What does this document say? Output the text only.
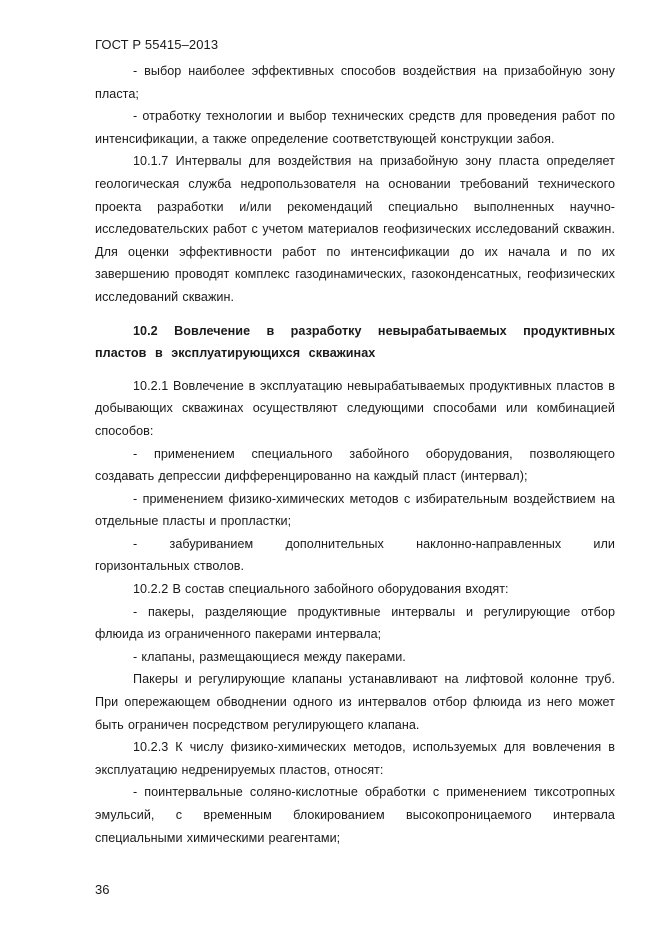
ГОСТ Р 55415–2013

- выбор наиболее эффективных способов воздействия на призабойную зону пласта;

- отработку технологии и выбор технических средств для проведения работ по интенсификации, а также определение соответствующей конструкции забоя.

10.1.7 Интервалы для воздействия на призабойную зону пласта определяет геологическая служба недропользователя на основании требований технического проекта разработки и/или рекомендаций специально выполненных научно-исследовательских работ с учетом материалов геофизических исследований скважин. Для оценки эффективности работ по интенсификации до их начала и по их завершению проводят комплекс газодинамических, газоконденсатных, геофизических исследований скважин.

10.2 Вовлечение в разработку невырабатываемых продуктивных пластов в эксплуатирующихся скважинах

10.2.1 Вовлечение в эксплуатацию невырабатываемых продуктивных пластов в добывающих скважинах осуществляют следующими способами или комбинацией способов:

- применением специального забойного оборудования, позволяющего создавать депрессии дифференцированно на каждый пласт (интервал);

- применением физико-химических методов с избирательным воздействием на отдельные пласты и пропластки;

- забуриванием дополнительных наклонно-направленных или
горизонтальных стволов.

10.2.2 В состав специального забойного оборудования входят:

- пакеры, разделяющие продуктивные интервалы и регулирующие отбор флюида из ограниченного пакерами интервала;

- клапаны, размещающиеся между пакерами.

Пакеры и регулирующие клапаны устанавливают на лифтовой колонне труб. При опережающем обводнении одного из интервалов отбор флюида из него может быть ограничен посредством регулирующего клапана.

10.2.3 К числу физико-химических методов, используемых для вовлечения в эксплуатацию недренируемых пластов, относят:

- поинтервальные соляно-кислотные обработки с применением тиксотропных эмульсий, с временным блокированием высокопроницаемого интервала специальными химическими реагентами;

36
